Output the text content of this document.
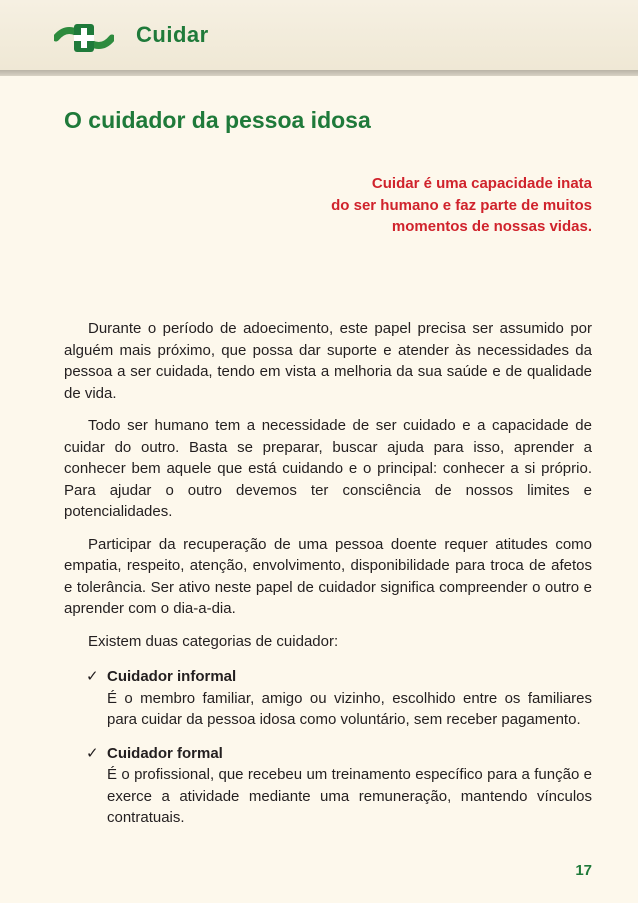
Cuidar
O cuidador da pessoa idosa
Cuidar é uma capacidade inata
do ser humano e faz parte de muitos
momentos de nossas vidas.

Durante o período de adoecimento, este papel precisa ser assumido por alguém mais próximo, que possa dar suporte e atender às necessidades da pessoa a ser cuidada, tendo em vista a melhoria da sua saúde e de qualidade de vida.

Todo ser humano tem a necessidade de ser cuidado e a capacidade de cuidar do outro. Basta se preparar, buscar ajuda para isso, aprender a conhecer bem aquele que está cuidando e o principal: conhecer a si próprio. Para ajudar o outro devemos ter consciência de nossos limites e potencialidades.

Participar da recuperação de uma pessoa doente requer atitudes como empatia, respeito, atenção, envolvimento, disponibilidade para troca de afetos e tolerância. Ser ativo neste papel de cuidador significa compreender o outro e aprender com o dia-a-dia.

Existem duas categorias de cuidador:

✓ Cuidador informal
É o membro familiar, amigo ou vizinho, escolhido entre os familiares para cuidar da pessoa idosa como voluntário, sem receber pagamento.
✓ Cuidador formal
É o profissional, que recebeu um treinamento específico para a função e exerce a atividade mediante uma remuneração, mantendo vínculos contratuais.
17
